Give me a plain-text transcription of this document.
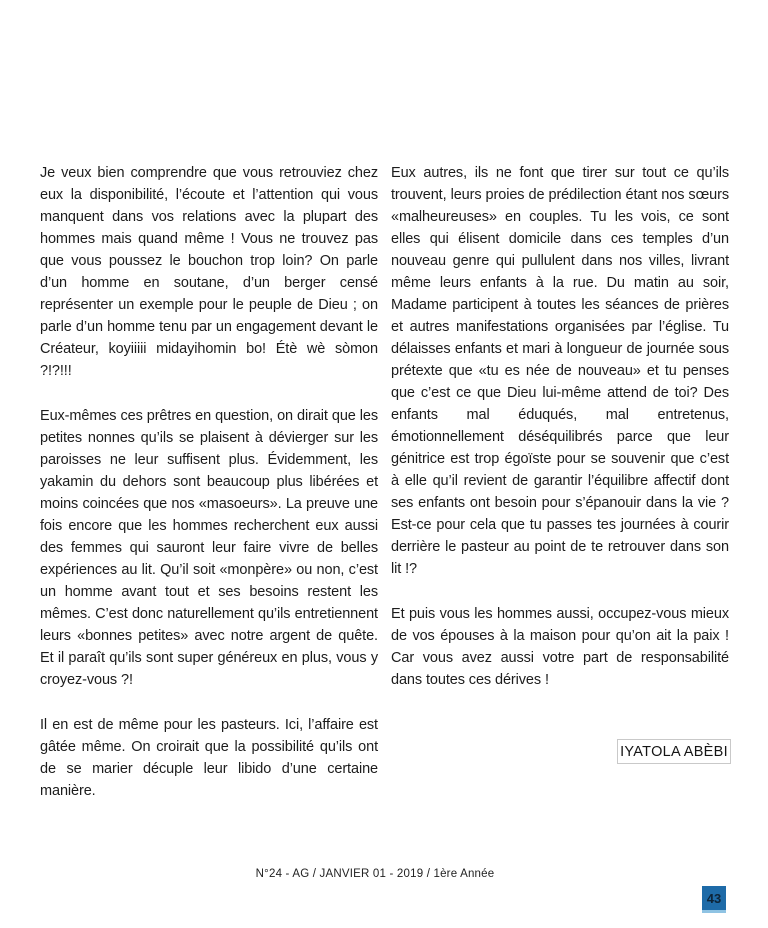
Je veux bien comprendre que vous retrouviez chez eux la disponibilité, l’écoute et l’attention qui vous manquent dans vos relations avec la plupart des hommes mais quand même ! Vous ne trouvez pas que vous poussez le bouchon trop loin? On parle d’un homme en soutane, d’un berger censé représenter un exemple pour le peuple de Dieu ; on parle d’un homme tenu par un engagement devant le Créateur, koyiiiii midayihomin bo! Étè wè sòmon ?!?!!!

Eux-mêmes ces prêtres en question, on dirait que les petites nonnes qu’ils se plaisent à dévierger sur les paroisses ne leur suffisent plus. Évidemment, les yakamin du dehors sont beaucoup plus libérées et moins coincées que nos «masoeurs». La preuve une fois encore que les hommes recherchent eux aussi des femmes qui sauront leur faire vivre de belles expériences au lit. Qu’il soit «monpère» ou non, c’est un homme avant tout et ses besoins restent les mêmes. C’est donc naturellement qu’ils entretiennent leurs «bonnes petites» avec notre argent de quête. Et il paraît qu’ils sont super généreux en plus, vous y croyez-vous ?!

Il en est de même pour les pasteurs. Ici, l’affaire est gâtée même. On croirait que la possibilité qu’ils ont de se marier décuple leur libido d’une certaine manière.

Eux autres, ils ne font que tirer sur tout ce qu’ils trouvent, leurs proies de prédilection étant nos sœurs «malheureuses» en couples. Tu les vois, ce sont elles qui élisent domicile dans ces temples d’un nouveau genre qui pullulent dans nos villes, livrant même leurs enfants à la rue. Du matin au soir, Madame participent à toutes les séances de prières et autres manifestations organisées par l’église. Tu délaisses enfants et mari à longueur de journée sous prétexte que «tu es née de nouveau» et tu penses que c’est ce que Dieu lui-même attend de toi? Des enfants mal éduqués, mal entretenus, émotionnellement déséquilibrés parce que leur génitrice est trop égoïste pour se souvenir que c’est à elle qu’il revient de garantir l’équilibre affectif dont ses enfants ont besoin pour s’épanouir dans la vie ? Est-ce pour cela que tu passes tes journées à courir derrière le pasteur au point de te retrouver dans son lit !?

Et puis vous les hommes aussi, occupez-vous mieux de vos épouses à la maison pour qu’on ait la paix ! Car vous avez aussi votre part de responsabilité dans toutes ces dérives !

IYATOLA ABÈBI
N°24 - AG / JANVIER 01 - 2019 / 1ère Année
43
